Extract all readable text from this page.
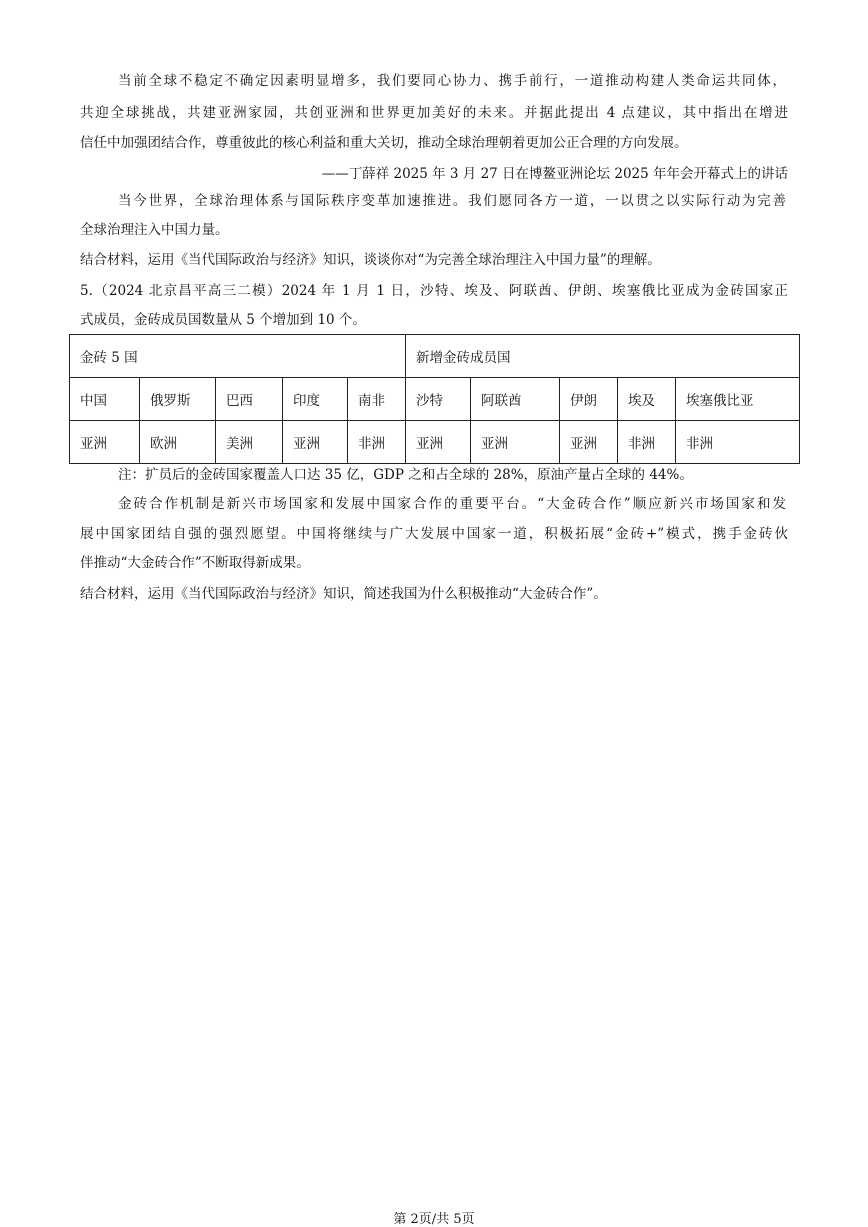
当前全球不稳定不确定因素明显增多，我们要同心协力、携手前行，一道推动构建人类命运共同体，
共迎全球挑战，共建亚洲家园，共创亚洲和世界更加美好的未来。并据此提出 4 点建议，其中指出在增进
信任中加强团结合作，尊重彼此的核心利益和重大关切，推动全球治理朝着更加公正合理的方向发展。
——丁薛祥 2025 年 3 月 27 日在博鳌亚洲论坛 2025 年年会开幕式上的讲话
当今世界，全球治理体系与国际秩序变革加速推进。我们愿同各方一道，一以贯之以实际行动为完善
全球治理注入中国力量。
结合材料，运用《当代国际政治与经济》知识，谈谈你对“为完善全球治理注入中国力量”的理解。
5.（2024 北京昌平高三二模）2024 年 1 月 1 日，沙特、埃及、阿联酋、伊朗、埃塞俄比亚成为金砖国家正
式成员，金砖成员国数量从 5 个增加到 10 个。
金砖 5 国					新增金砖成员国				
中国	俄罗斯	巴西	印度	南非	沙特	阿联酋	伊朗	埃及	埃塞俄比亚
亚洲	欧洲	美洲	亚洲	非洲	亚洲	亚洲	亚洲	非洲	非洲
注：扩员后的金砖国家覆盖人口达 35 亿，GDP 之和占全球的 28%，原油产量占全球的 44%。
金砖合作机制是新兴市场国家和发展中国家合作的重要平台。“大金砖合作”顺应新兴市场国家和发
展中国家团结自强的强烈愿望。中国将继续与广大发展中国家一道，积极拓展“金砖+”模式，携手金砖伙
伴推动“大金砖合作”不断取得新成果。
结合材料，运用《当代国际政治与经济》知识，简述我国为什么积极推动“大金砖合作”。
第 2页/共 5页
